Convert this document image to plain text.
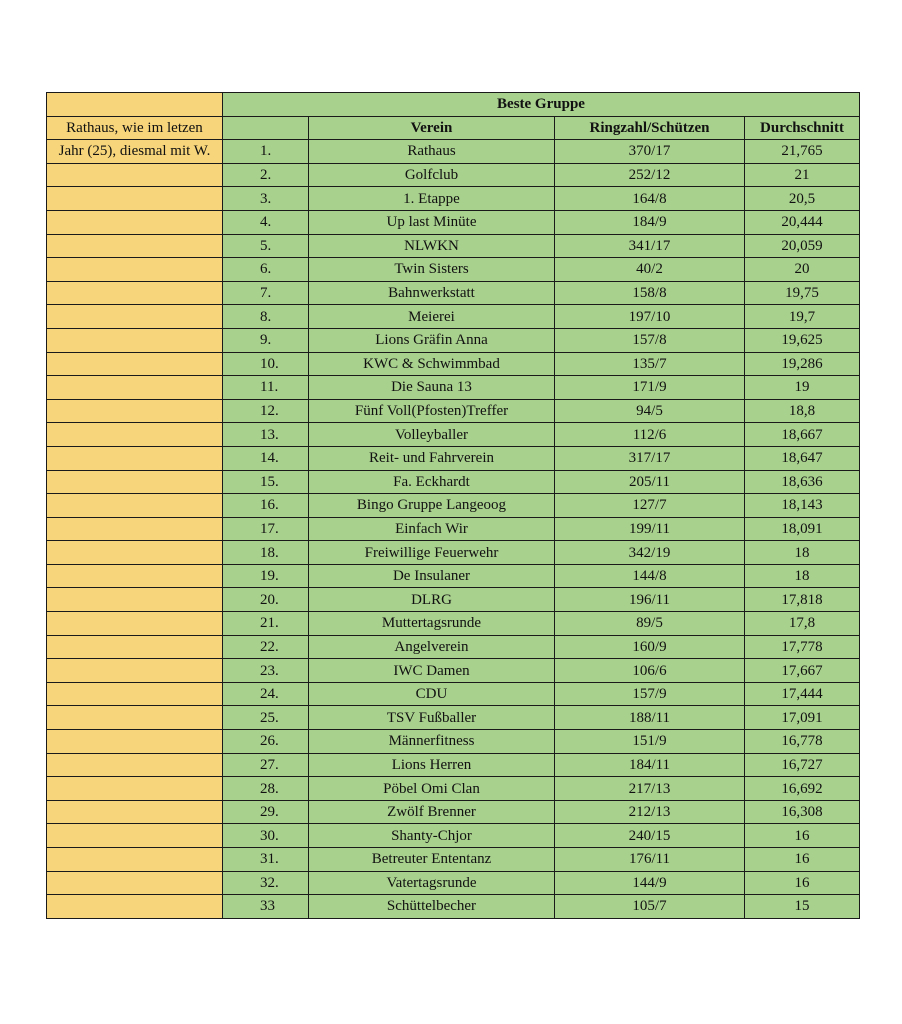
	Beste Gruppe			
Rathaus, wie im letzen		Verein	Ringzahl/Schützen	Durchschnitt
Jahr (25), diesmal mit W.	1.	Rathaus	370/17	21,765
	2.	Golfclub	252/12	21
	3.	1. Etappe	164/8	20,5
	4.	Up last Minüte	184/9	20,444
	5.	NLWKN	341/17	20,059
	6.	Twin Sisters	40/2	20
	7.	Bahnwerkstatt	158/8	19,75
	8.	Meierei	197/10	19,7
	9.	Lions Gräfin Anna	157/8	19,625
	10.	KWC & Schwimmbad	135/7	19,286
	11.	Die Sauna 13	171/9	19
	12.	Fünf Voll(Pfosten)Treffer	94/5	18,8
	13.	Volleyballer	112/6	18,667
	14.	Reit- und Fahrverein	317/17	18,647
	15.	Fa. Eckhardt	205/11	18,636
	16.	Bingo Gruppe Langeoog	127/7	18,143
	17.	Einfach Wir	199/11	18,091
	18.	Freiwillige Feuerwehr	342/19	18
	19.	De Insulaner	144/8	18
	20.	DLRG	196/11	17,818
	21.	Muttertagsrunde	89/5	17,8
	22.	Angelverein	160/9	17,778
	23.	IWC Damen	106/6	17,667
	24.	CDU	157/9	17,444
	25.	TSV Fußballer	188/11	17,091
	26.	Männerfitness	151/9	16,778
	27.	Lions Herren	184/11	16,727
	28.	Pöbel Omi Clan	217/13	16,692
	29.	Zwölf Brenner	212/13	16,308
	30.	Shanty-Chjor	240/15	16
	31.	Betreuter Ententanz	176/11	16
	32.	Vatertagsrunde	144/9	16
	33	Schüttelbecher	105/7	15
